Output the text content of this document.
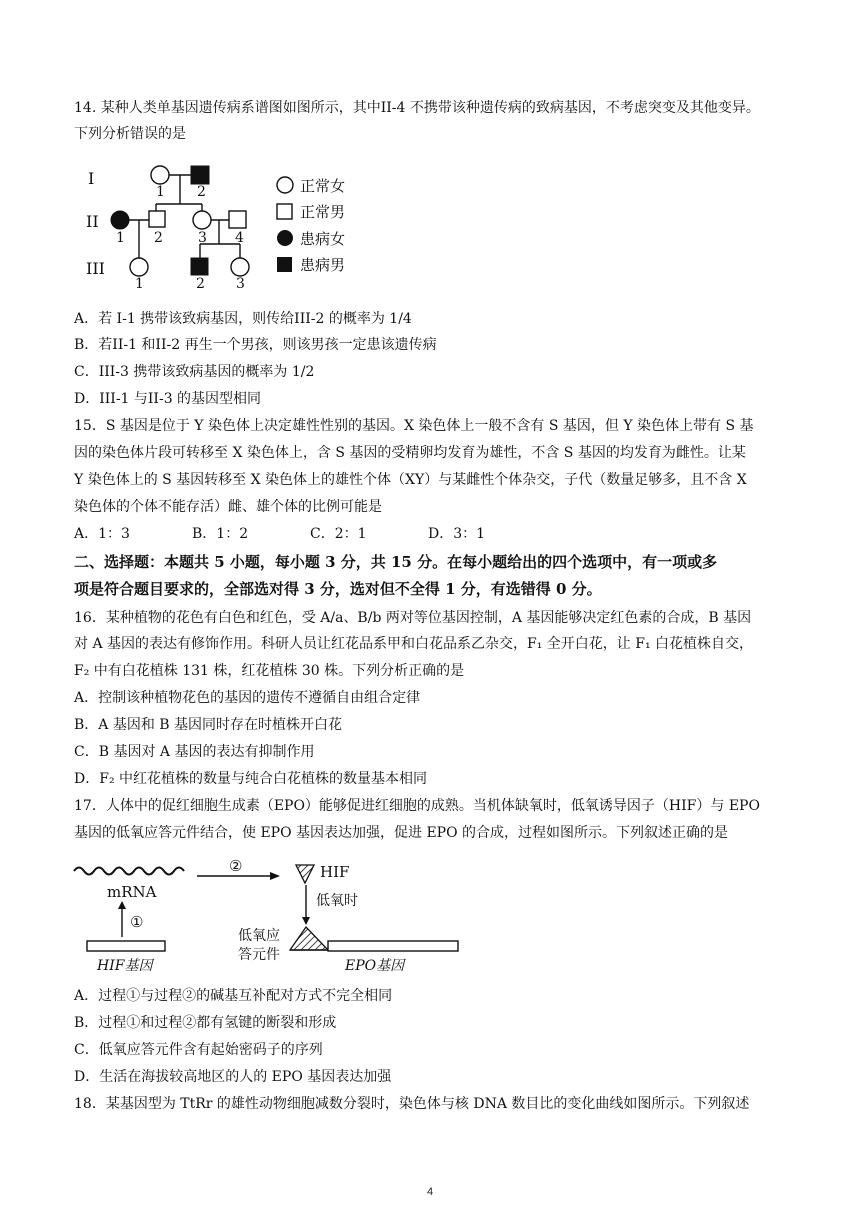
14. 某种人类单基因遗传病系谱图如图所示，其中II-4 不携带该种遗传病的致病基因，不考虑突变及其他变异。
下列分析错误的是
I
II
III
1 2
1 2	3 4
1	2 3
正常女
正常男
患病女
患病男
A．若 I-1 携带该致病基因，则传给III-2 的概率为 1/4
B．若II-1 和II-2 再生一个男孩，则该男孩一定患该遗传病
C．III-3 携带该致病基因的概率为 1/2
D．III-1 与II-3 的基因型相同
15．S 基因是位于 Y 染色体上决定雄性性别的基因。X 染色体上一般不含有 S 基因，但 Y 染色体上带有 S 基
因的染色体片段可转移至 X 染色体上，含 S 基因的受精卵均发育为雄性，不含 S 基因的均发育为雌性。让某
Y 染色体上的 S 基因转移至 X 染色体上的雄性个体（XY）与某雌性个体杂交，子代（数量足够多，且不含 X
染色体的个体不能存活）雌、雄个体的比例可能是
A．1：3	B．1：2	C．2：1	D．3：1
二、选择题：本题共 5 小题，每小题 3 分，共 15 分。在每小题给出的四个选项中，有一项或多
项是符合题目要求的，全部选对得 3 分，选对但不全得 1 分，有选错得 0 分。
16．某种植物的花色有白色和红色，受 A/a、B/b 两对等位基因控制，A 基因能够决定红色素的合成，B 基因
对 A 基因的表达有修饰作用。科研人员让红花品系甲和白花品系乙杂交，F₁ 全开白花，让 F₁ 白花植株自交，
F₂ 中有白花植株 131 株，红花植株 30 株。下列分析正确的是
A．控制该种植物花色的基因的遗传不遵循自由组合定律
B．A 基因和 B 基因同时存在时植株开白花
C．B 基因对 A 基因的表达有抑制作用
D．F₂ 中红花植株的数量与纯合白花植株的数量基本相同
17．人体中的促红细胞生成素（EPO）能够促进红细胞的成熟。当机体缺氧时，低氧诱导因子（HIF）与 EPO
基因的低氧应答元件结合，使 EPO 基因表达加强，促进 EPO 的合成，过程如图所示。下列叙述正确的是
mRNA
①
HIF基因
②	HIF
低氧时
低氧应
答元件
EPO基因
A．过程①与过程②的碱基互补配对方式不完全相同
B．过程①和过程②都有氢键的断裂和形成
C．低氧应答元件含有起始密码子的序列
D．生活在海拔较高地区的人的 EPO 基因表达加强
18．某基因型为 TtRr 的雄性动物细胞减数分裂时，染色体与核 DNA 数目比的变化曲线如图所示。下列叙述
4
